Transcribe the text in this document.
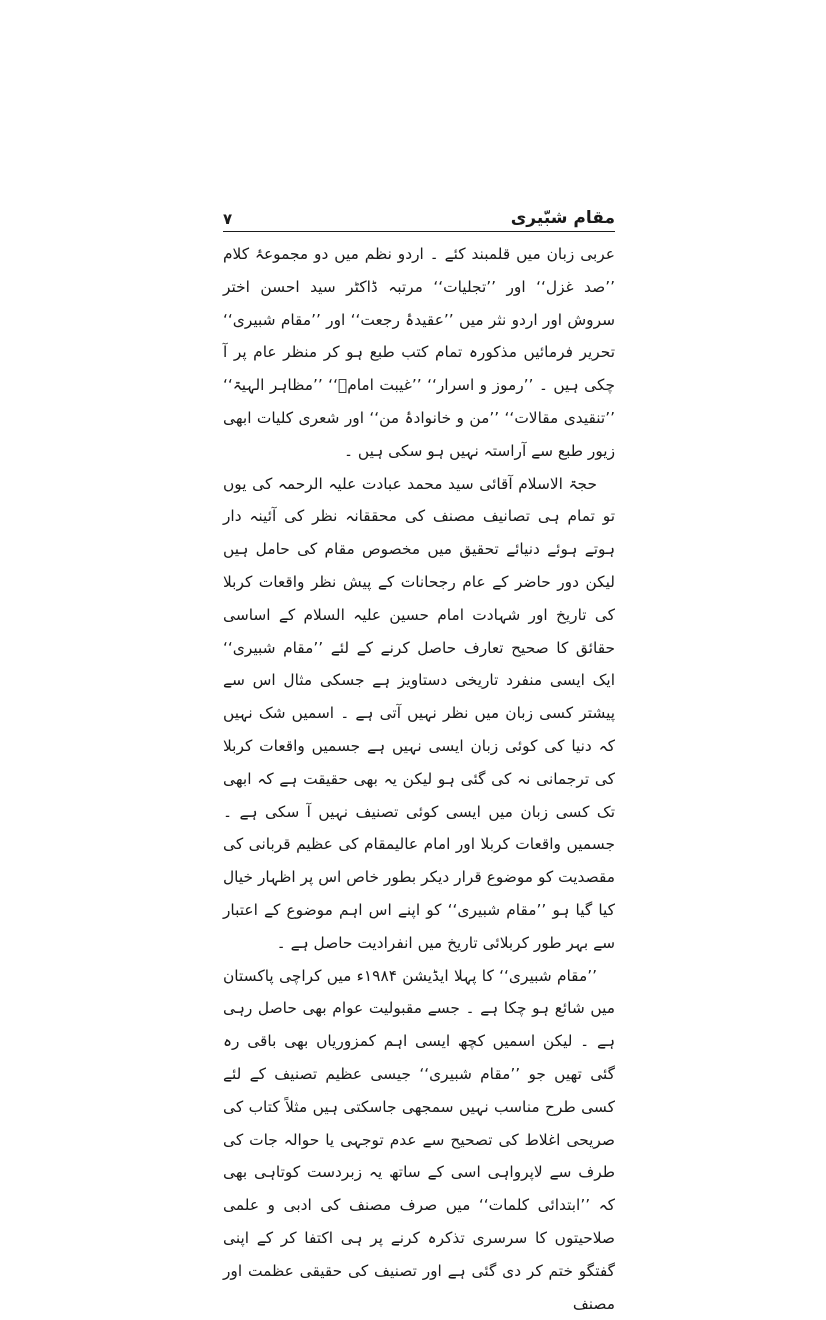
مقام شبّیری
۷

عربی زبان میں قلمبند کئے ۔ اردو نظم میں دو مجموعۂ کلام ’’صد غزل‘‘ اور ’’تجلیات‘‘ مرتبہ ڈاکٹر سید احسن اختر سروش اور اردو نثر میں ’’عقیدۂ رجعت‘‘ اور ’’مقام شبیری‘‘ تحریر فرمائیں مذکورہ تمام کتب طبع ہو کر منظر عام پر آ چکی ہیں ۔ ’’رموز و اسرار‘‘ ’’غیبت امامؑ‘‘ ’’مظاہر الہیۃ‘‘ ’’تنقیدی مقالات‘‘ ’’من و خانوادۂ من‘‘ اور شعری کلیات ابھی زیور طبع سے آراستہ نہیں ہو سکی ہیں ۔

حجۃ الاسلام آقائی سید محمد عبادت علیہ الرحمہ کی یوں تو تمام ہی تصانیف مصنف کی محققانہ نظر کی آئینہ دار ہوتے ہوئے دنیائے تحقیق میں مخصوص مقام کی حامل ہیں لیکن دور حاضر کے عام رجحانات کے پیش نظر واقعات کربلا کی تاریخ اور شہادت امام حسین علیہ السلام کے اساسی حقائق کا صحیح تعارف حاصل کرنے کے لئے ’’مقام شبیری‘‘ ایک ایسی منفرد تاریخی دستاویز ہے جسکی مثال اس سے پیشتر کسی زبان میں نظر نہیں آتی ہے ۔ اسمیں شک نہیں کہ دنیا کی کوئی زبان ایسی نہیں ہے جسمیں واقعات کربلا کی ترجمانی نہ کی گئی ہو لیکن یہ بھی حقیقت ہے کہ ابھی تک کسی زبان میں ایسی کوئی تصنیف نہیں آ سکی ہے ۔ جسمیں واقعات کربلا اور امام عالیمقام کی عظیم قربانی کی مقصدیت کو موضوع قرار دیکر بطور خاص اس پر اظہار خیال کیا گیا ہو ’’مقام شبیری‘‘ کو اپنے اس اہم موضوع کے اعتبار سے بہر طور کربلائی تاریخ میں انفرادیت حاصل ہے ۔

’’مقام شبیری‘‘ کا پہلا ایڈیشن ۱۹۸۴ء میں کراچی پاکستان میں شائع ہو چکا ہے ۔ جسے مقبولیت عوام بھی حاصل رہی ہے ۔ لیکن اسمیں کچھ ایسی اہم کمزوریاں بھی باقی رہ گئی تھیں جو ’’مقام شبیری‘‘ جیسی عظیم تصنیف کے لئے کسی طرح مناسب نہیں سمجھی جاسکتی ہیں مثلاً کتاب کی صریحی اغلاط کی تصحیح سے عدم توجہی یا حوالہ جات کی طرف سے لاپرواہی اسی کے ساتھ یہ زبردست کوتاہی بھی کہ ’’ابتدائی کلمات‘‘ میں صرف مصنف کی ادبی و علمی صلاحیتوں کا سرسری تذکرہ کرنے پر ہی اکتفا کر کے اپنی گفتگو ختم کر دی گئی ہے اور تصنیف کی حقیقی عظمت اور مصنف
